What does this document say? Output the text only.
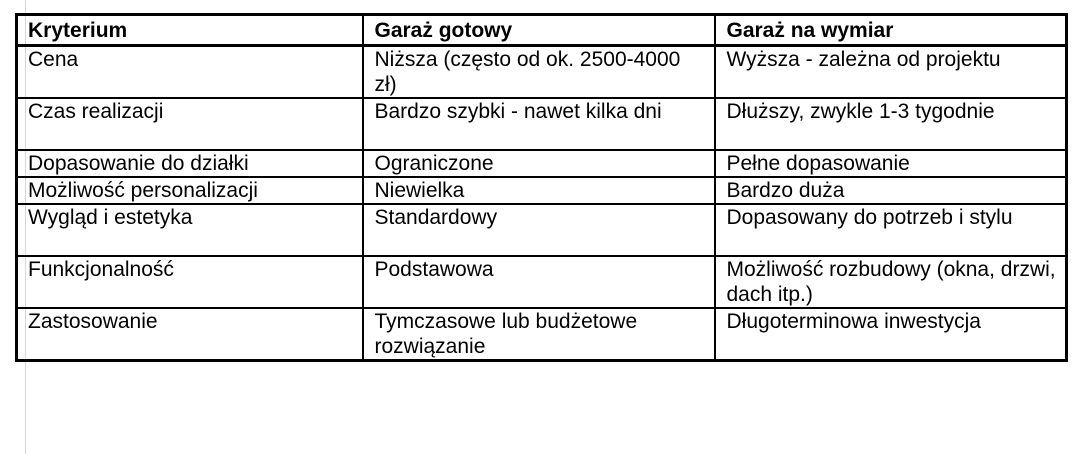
Kryterium	Garaż gotowy	Garaż na wymiar
Cena	Niższa (często od ok. 2500-4000 zł)	Wyższa - zależna od projektu
Czas realizacji	Bardzo szybki - nawet kilka dni	Dłuższy, zwykle 1-3 tygodnie
Dopasowanie do działki	Ograniczone	Pełne dopasowanie
Możliwość personalizacji	Niewielka	Bardzo duża
Wygląd i estetyka	Standardowy	Dopasowany do potrzeb i stylu
Funkcjonalność	Podstawowa	Możliwość rozbudowy (okna, drzwi, dach itp.)
Zastosowanie	Tymczasowe lub budżetowe rozwiązanie	Długoterminowa inwestycja
